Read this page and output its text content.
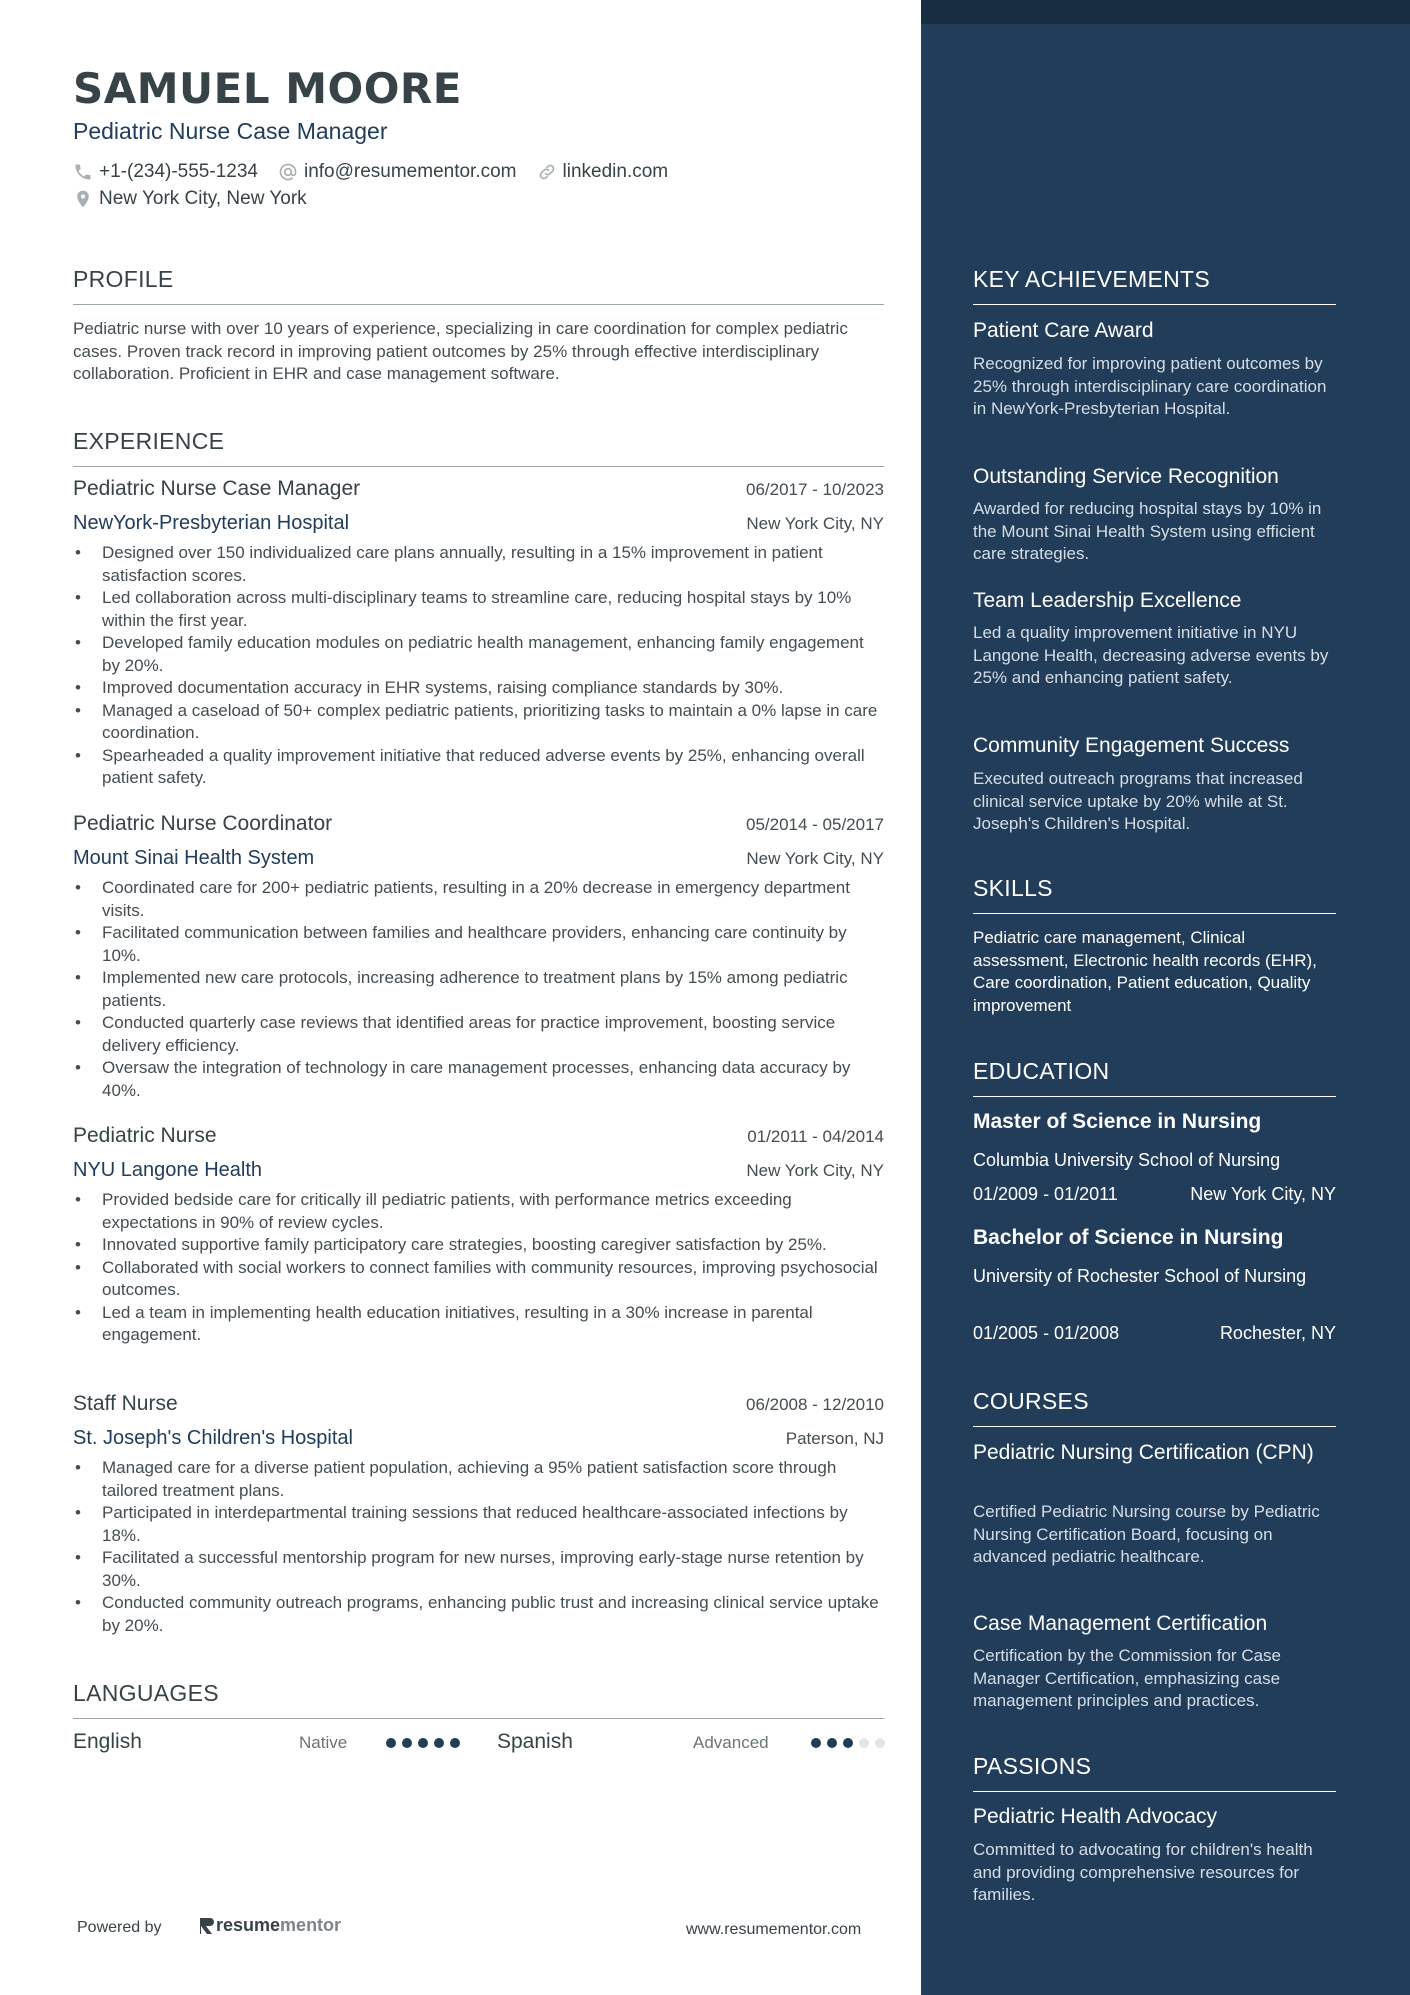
SAMUEL MOORE
Pediatric Nurse Case Manager
+1-(234)-555-1234 info@resumementor.com linkedin.com
New York City, New York
PROFILE
Pediatric nurse with over 10 years of experience, specializing in care coordination for complex pediatric cases. Proven track record in improving patient outcomes by 25% through effective interdisciplinary collaboration. Proficient in EHR and case management software.
EXPERIENCE
Pediatric Nurse Case Manager	06/2017 - 10/2023
NewYork-Presbyterian Hospital	New York City, NY
• Designed over 150 individualized care plans annually, resulting in a 15% improvement in patient satisfaction scores.
• Led collaboration across multi-disciplinary teams to streamline care, reducing hospital stays by 10% within the first year.
• Developed family education modules on pediatric health management, enhancing family engagement by 20%.
• Improved documentation accuracy in EHR systems, raising compliance standards by 30%.
• Managed a caseload of 50+ complex pediatric patients, prioritizing tasks to maintain a 0% lapse in care coordination.
• Spearheaded a quality improvement initiative that reduced adverse events by 25%, enhancing overall patient safety.
Pediatric Nurse Coordinator	05/2014 - 05/2017
Mount Sinai Health System	New York City, NY
• Coordinated care for 200+ pediatric patients, resulting in a 20% decrease in emergency department visits.
• Facilitated communication between families and healthcare providers, enhancing care continuity by 10%.
• Implemented new care protocols, increasing adherence to treatment plans by 15% among pediatric patients.
• Conducted quarterly case reviews that identified areas for practice improvement, boosting service delivery efficiency.
• Oversaw the integration of technology in care management processes, enhancing data accuracy by 40%.
Pediatric Nurse	01/2011 - 04/2014
NYU Langone Health	New York City, NY
• Provided bedside care for critically ill pediatric patients, with performance metrics exceeding expectations in 90% of review cycles.
• Innovated supportive family participatory care strategies, boosting caregiver satisfaction by 25%.
• Collaborated with social workers to connect families with community resources, improving psychosocial outcomes.
• Led a team in implementing health education initiatives, resulting in a 30% increase in parental engagement.
Staff Nurse	06/2008 - 12/2010
St. Joseph's Children's Hospital	Paterson, NJ
• Managed care for a diverse patient population, achieving a 95% patient satisfaction score through tailored treatment plans.
• Participated in interdepartmental training sessions that reduced healthcare-associated infections by 18%.
• Facilitated a successful mentorship program for new nurses, improving early-stage nurse retention by 30%.
• Conducted community outreach programs, enhancing public trust and increasing clinical service uptake by 20%.
LANGUAGES
English	Native	Spanish	Advanced
Powered by	resume mentor	www.resumementor.com
KEY ACHIEVEMENTS
Patient Care Award
Recognized for improving patient outcomes by 25% through interdisciplinary care coordination in NewYork-Presbyterian Hospital.
Outstanding Service Recognition
Awarded for reducing hospital stays by 10% in the Mount Sinai Health System using efficient care strategies.
Team Leadership Excellence
Led a quality improvement initiative in NYU Langone Health, decreasing adverse events by 25% and enhancing patient safety.
Community Engagement Success
Executed outreach programs that increased clinical service uptake by 20% while at St. Joseph's Children's Hospital.
SKILLS
Pediatric care management, Clinical assessment, Electronic health records (EHR), Care coordination, Patient education, Quality improvement
EDUCATION
Master of Science in Nursing
Columbia University School of Nursing
01/2009 - 01/2011	New York City, NY
Bachelor of Science in Nursing
University of Rochester School of Nursing
01/2005 - 01/2008	Rochester, NY
COURSES
Pediatric Nursing Certification (CPN)
Certified Pediatric Nursing course by Pediatric Nursing Certification Board, focusing on advanced pediatric healthcare.
Case Management Certification
Certification by the Commission for Case Manager Certification, emphasizing case management principles and practices.
PASSIONS
Pediatric Health Advocacy
Committed to advocating for children's health and providing comprehensive resources for families.
